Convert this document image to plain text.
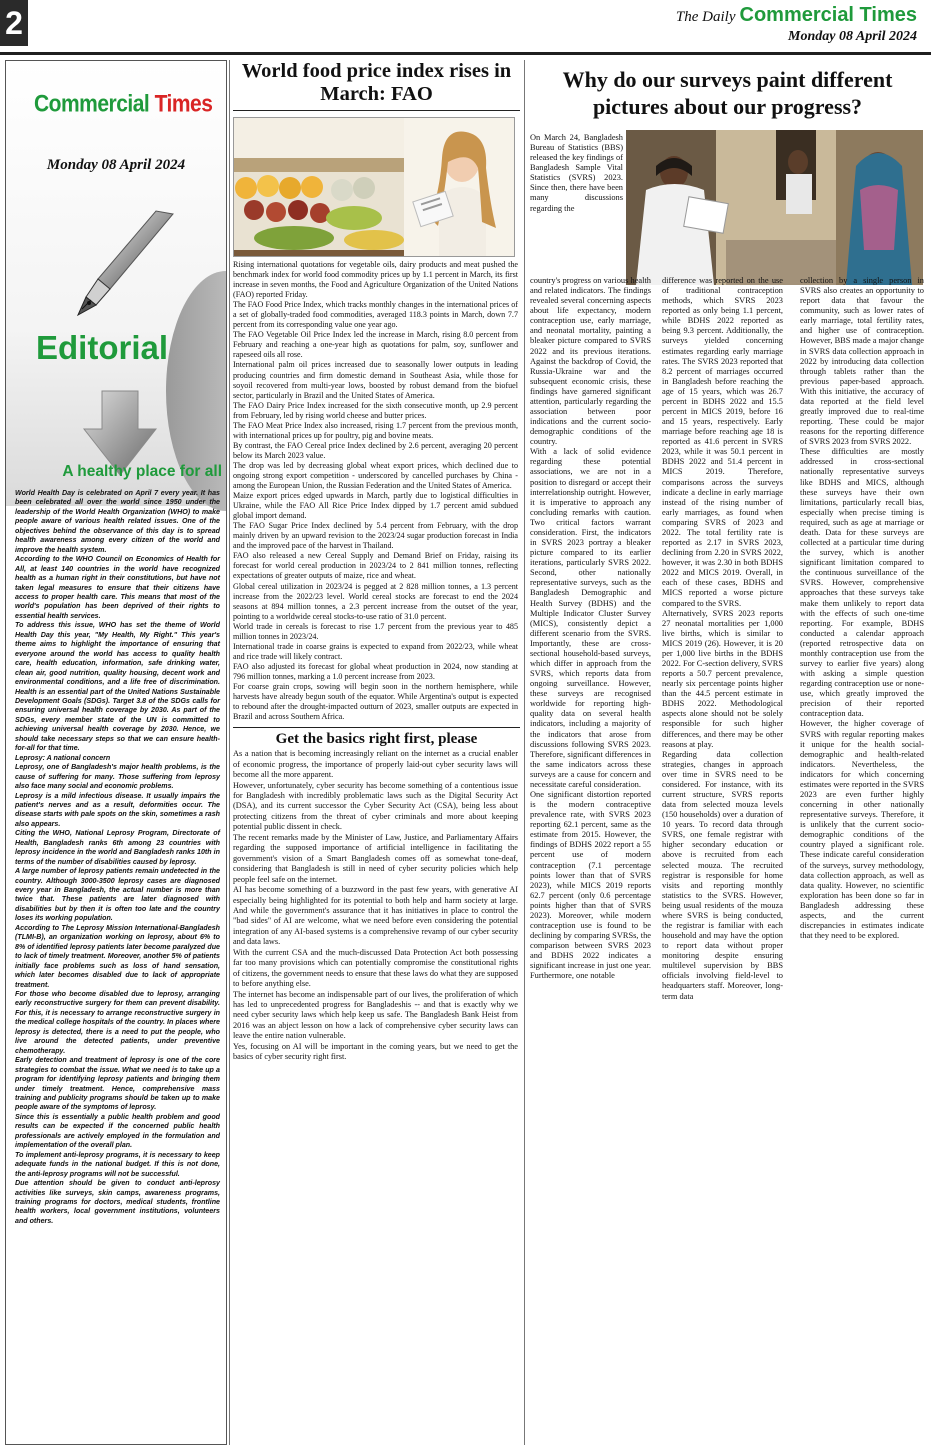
2	The Daily Commercial Times
Monday 08 April 2024
Commercial Times
Monday 08 April 2024
Editorial
A healthy place for all

World Health Day is celebrated on April 7 every year. It has been celebrated all over the world since 1950 under the leadership of the World Health Organization (WHO) to make people aware of various health related issues. One of the objectives behind the observance of this day is to spread health awareness among every citizen of the world and improve the health system.

According to the WHO Council on Economics of Health for All, at least 140 countries in the world have recognized health as a human right in their constitutions, but have not taken legal measures to ensure that their citizens have access to proper health care. This means that most of the world's population has been deprived of their rights to essential health services.

To address this issue, WHO has set the theme of World Health Day this year, "My Health, My Right." This year's theme aims to highlight the importance of ensuring that everyone around the world has access to quality health care, health education, information, safe drinking water, clean air, good nutrition, quality housing, decent work and environmental conditions, and a life free of discrimination. Health is an essential part of the United Nations Sustainable Development Goals (SDGs). Target 3.8 of the SDGs calls for ensuring universal health coverage by 2030. As part of the SDGs, every member state of the UN is committed to achieving universal health coverage by 2030. Hence, we should take necessary steps so that we can ensure health-for-all for that time.

Leprosy: A national concern

Leprosy, one of Bangladesh's major health problems, is the cause of suffering for many. Those suffering from leprosy also face many social and economic problems.

Leprosy is a mild infectious disease. It usually impairs the patient's nerves and as a result, deformities occur. The disease starts with pale spots on the skin, sometimes a rash also appears.

Citing the WHO, National Leprosy Program, Directorate of Health, Bangladesh ranks 6th among 23 countries with leprosy incidence in the world and Bangladesh ranks 10th in terms of the number of disabilities caused by leprosy.

A large number of leprosy patients remain undetected in the country. Although 3000-3500 leprosy cases are diagnosed every year in Bangladesh, the actual number is more than twice that. These patients are later diagnosed with disabilities but by then it is often too late and the country loses its working population.

According to The Leprosy Mission International-Bangladesh (TLMI-B), an organization working on leprosy, about 6% to 8% of identified leprosy patients later become paralyzed due to lack of timely treatment. Moreover, another 5% of patients initially face problems such as loss of hand sensation, which later becomes disabled due to lack of appropriate treatment.

For those who become disabled due to leprosy, arranging early reconstructive surgery for them can prevent disability. For this, it is necessary to arrange reconstructive surgery in the medical college hospitals of the country. In places where leprosy is detected, there is a need to put the people, who live around the detected patients, under preventive chemotherapy.

Early detection and treatment of leprosy is one of the core strategies to combat the issue. What we need is to take up a program for identifying leprosy patients and bringing them under timely treatment. Hence, comprehensive mass training and publicity programs should be taken up to make people aware of the symptoms of leprosy.

Since this is essentially a public health problem and good results can be expected if the concerned public health professionals are actively employed in the formulation and implementation of the overall plan.

To implement anti-leprosy programs, it is necessary to keep adequate funds in the national budget. If this is not done, the anti-leprosy programs will not be successful.

Due attention should be given to conduct anti-leprosy activities like surveys, skin camps, awareness programs, training programs for doctors, medical students, frontline health workers, local government institutions, volunteers and others.

World food price index rises in March: FAO

Rising international quotations for vegetable oils, dairy products and meat pushed the benchmark index for world food commodity prices up by 1.1 percent in March, its first increase in seven months, the Food and Agriculture Organization of the United Nations (FAO) reported Friday.

The FAO Food Price Index, which tracks monthly changes in the international prices of a set of globally-traded food commodities, averaged 118.3 points in March, down 7.7 percent from its corresponding value one year ago.

The FAO Vegetable Oil Price Index led the increase in March, rising 8.0 percent from February and reaching a one-year high as quotations for palm, soy, sunflower and rapeseed oils all rose.

International palm oil prices increased due to seasonally lower outputs in leading producing countries and firm domestic demand in Southeast Asia, while those for soyoil recovered from multi-year lows, boosted by robust demand from the biofuel sector, particularly in Brazil and the United States of America.

The FAO Dairy Price Index increased for the sixth consecutive month, up 2.9 percent from February, led by rising world cheese and butter prices.

The FAO Meat Price Index also increased, rising 1.7 percent from the previous month, with international prices up for poultry, pig and bovine meats.

By contrast, the FAO Cereal price Index declined by 2.6 percent, averaging 20 percent below its March 2023 value.

The drop was led by decreasing global wheat export prices, which declined due to ongoing strong export competition - underscored by cancelled purchases by China - among the European Union, the Russian Federation and the United States of America.

Maize export prices edged upwards in March, partly due to logistical difficulties in Ukraine, while the FAO All Rice Price Index dipped by 1.7 percent amid subdued global import demand.

The FAO Sugar Price Index declined by 5.4 percent from February, with the drop mainly driven by an upward revision to the 2023/24 sugar production forecast in India and the improved pace of the harvest in Thailand.

FAO also released a new Cereal Supply and Demand Brief on Friday, raising its forecast for world cereal production in 2023/24 to 2 841 million tonnes, reflecting expectations of greater outputs of maize, rice and wheat.

Global cereal utilization in 2023/24 is pegged at 2 828 million tonnes, a 1.3 percent increase from the 2022/23 level. World cereal stocks are forecast to end the 2024 seasons at 894 million tonnes, a 2.3 percent increase from the outset of the year, pointing to a worldwide cereal stocks-to-use ratio of 31.0 percent.

World trade in cereals is forecast to rise 1.7 percent from the previous year to 485 million tonnes in 2023/24.

International trade in coarse grains is expected to expand from 2022/23, while wheat and rice trade will likely contract.

FAO also adjusted its forecast for global wheat production in 2024, now standing at 796 million tonnes, marking a 1.0 percent increase from 2023.

For coarse grain crops, sowing will begin soon in the northern hemisphere, while harvests have already begun south of the equator. While Argentina's output is expected to rebound after the drought-impacted outturn of 2023, smaller outputs are expected in Brazil and across Southern Africa.

Get the basics right first, please

As a nation that is becoming increasingly reliant on the internet as a crucial enabler of economic progress, the importance of properly laid-out cyber security laws will become all the more apparent.

However, unfortunately, cyber security has become something of a contentious issue for Bangladesh with incredibly problematic laws such as the Digital Security Act (DSA), and its current successor the Cyber Security Act (CSA), being less about protecting citizens from the threat of cyber criminals and more about keeping potential public dissent in check.

The recent remarks made by the Minister of Law, Justice, and Parliamentary Affairs regarding the supposed importance of artificial intelligence in facilitating the government's vision of a Smart Bangladesh comes off as somewhat tone-deaf, considering that Bangladesh is still in need of cyber security policies which help people feel safe on the internet.

AI has become something of a buzzword in the past few years, with generative AI especially being highlighted for its potential to both help and harm society at large. And while the government's assurance that it has initiatives in place to control the "bad sides" of AI are welcome, what we need before even considering the potential integration of any AI-based systems is a comprehensive revamp of our cyber security and data laws.

With the current CSA and the much-discussed Data Protection Act both possessing far too many provisions which can potentially compromise the constitutional rights of citizens, the government needs to ensure that these laws do what they are supposed to before anything else.

The internet has become an indispensable part of our lives, the proliferation of which has led to unprecedented progress for Bangladeshis -- and that is exactly why we need cyber security laws which help keep us safe. The Bangladesh Bank Heist from 2016 was an abject lesson on how a lack of comprehensive cyber security laws can leave the entire nation vulnerable.

Yes, focusing on AI will be important in the coming years, but we need to get the basics of cyber security right first.

Why do our surveys paint different pictures about our progress?

On March 24, Bangladesh Bureau of Statistics (BBS) released the key findings of Bangladesh Sample Vital Statistics (SVRS) 2023. Since then, there have been many discussions regarding the

country's progress on various health and related indicators. The findings revealed several concerning aspects about life expectancy, modern contraception use, early marriage, and neonatal mortality, painting a bleaker picture compared to SVRS 2022 and its previous iterations. Against the backdrop of Covid, the Russia-Ukraine war and the subsequent economic crisis, these findings have garnered significant attention, particularly regarding the association between poor indications and the current socio-demographic conditions of the country.

With a lack of solid evidence regarding these potential associations, we are not in a position to disregard or accept their interrelationship outright. However, it is imperative to approach any concluding remarks with caution. Two critical factors warrant consideration. First, the indicators in SVRS 2023 portray a bleaker picture compared to its earlier iterations, particularly SVRS 2022. Second, other nationally representative surveys, such as the Bangladesh Demographic and Health Survey (BDHS) and the Multiple Indicator Cluster Survey (MICS), consistently depict a different scenario from the SVRS. Importantly, these are cross-sectional household-based surveys, which differ in approach from the SVRS, which reports data from ongoing surveillance. However, these surveys are recognised worldwide for reporting high-quality data on several health indicators, including a majority of the indicators that arose from discussions following SVRS 2023. Therefore, significant differences in the same indicators across these surveys are a cause for concern and necessitate careful consideration.

One significant distortion reported is the modern contraceptive prevalence rate, with SVRS 2023 reporting 62.1 percent, same as the estimate from 2015. However, the findings of BDHS 2022 report a 55 percent use of modern contraception (7.1 percentage points lower than that of SVRS 2023), while MICS 2019 reports 62.7 percent (only 0.6 percentage points higher than that of SVRS 2023). Moreover, while modern contraception use is found to be declining by comparing SVRSs, the comparison between SVRS 2023 and BDHS 2022 indicates a significant increase in just one year. Furthermore, one notable

difference was reported on the use of traditional contraception methods, which SVRS 2023 reported as only being 1.1 percent, while BDHS 2022 reported as being 9.3 percent. Additionally, the surveys yielded concerning estimates regarding early marriage rates. The SVRS 2023 reported that 8.2 percent of marriages occurred in Bangladesh before reaching the age of 15 years, which was 26.7 percent in BDHS 2022 and 15.5 percent in MICS 2019, before 16 and 15 years, respectively. Early marriage before reaching age 18 is reported as 41.6 percent in SVRS 2023, while it was 50.1 percent in BDHS 2022 and 51.4 percent in MICS 2019. Therefore, comparisons across the surveys indicate a decline in early marriage instead of the rising number of early marriages, as found when comparing SVRS of 2023 and 2022. The total fertility rate is reported as 2.17 in SVRS 2023, declining from 2.20 in SVRS 2022, however, it was 2.30 in both BDHS 2022 and MICS 2019. Overall, in each of these cases, BDHS and MICS reported a worse picture compared to the SVRS.

Alternatively, SVRS 2023 reports 27 neonatal mortalities per 1,000 live births, which is similar to MICS 2019 (26). However, it is 20 per 1,000 live births in the BDHS 2022. For C-section delivery, SVRS reports a 50.7 percent prevalence, nearly six percentage points higher than the 44.5 percent estimate in BDHS 2022. Methodological aspects alone should not be solely responsible for such higher differences, and there may be other reasons at play.

Regarding data collection strategies, changes in approach over time in SVRS need to be considered. For instance, with its current structure, SVRS reports data from selected mouza levels (150 households) over a duration of 10 years. To record data through SVRS, one female registrar with higher secondary education or above is recruited from each selected mouza. The recruited registrar is responsible for home visits and reporting monthly statistics to the SVRS. However, being usual residents of the mouza where SVRS is being conducted, the registrar is familiar with each household and may have the option to report data without proper monitoring despite ensuring multilevel supervision by BBS officials involving field-level to headquarters staff. Moreover, long-term data

collection by a single person in SVRS also creates an opportunity to report data that favour the community, such as lower rates of early marriage, total fertility rates, and higher use of contraception. However, BBS made a major change in SVRS data collection approach in 2022 by introducing data collection through tablets rather than the previous paper-based approach. With this initiative, the accuracy of data reported at the field level greatly improved due to real-time reporting. These could be major reasons for the reporting difference of SVRS 2023 from SVRS 2022.

These difficulties are mostly addressed in cross-sectional nationally representative surveys like BDHS and MICS, although these surveys have their own limitations, particularly recall bias, especially when precise timing is required, such as age at marriage or death. Data for these surveys are collected at a particular time during the survey, which is another significant limitation compared to the continuous surveillance of the SVRS. However, comprehensive approaches that these surveys take make them unlikely to report data with the effects of such one-time reporting. For example, BDHS conducted a calendar approach (reported retrospective data on monthly contraception use from the survey to earlier five years) along with asking a simple question regarding contraception use or none-use, which greatly improved the precision of their reported contraception data.

However, the higher coverage of SVRS with regular reporting makes it unique for the health social-demographic and health-related indicators. Nevertheless, the indicators for which concerning estimates were reported in the SVRS 2023 are even further highly concerning in other nationally representative surveys. Therefore, it is unlikely that the current socio-demographic conditions of the country played a significant role. These indicate careful consideration of the surveys, survey methodology, data collection approach, as well as data quality. However, no scientific exploration has been done so far in Bangladesh addressing these aspects, and the current discrepancies in estimates indicate that they need to be explored.
